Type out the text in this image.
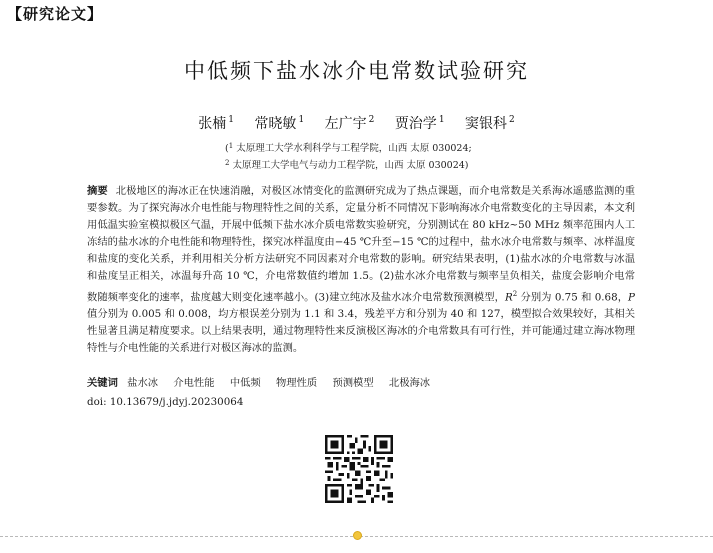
【研究论文】
中低频下盐水冰介电常数试验研究
张楠 $^1$ 常晓敏 $^1$ 左广宇 $^2$ 贾治学 $^1$ 窦银科 $^2$
($^1$ 太原理工大学水利科学与工程学院，山西 太原 030024;
$^2$ 太原理工大学电气与动力工程学院，山西 太原 030024)
摘要 北极地区的海冰正在快速消融，对极区冰情变化的监测研究成为了热点课题，而介电常数是关系海冰遥感监测的重要参数。为了探究海冰介电性能与物理特性之间的关系，定量分析不同情况下影响海冰介电常数变化的主导因素，本文利用低温实验室模拟极区气温，开展中低频下盐水冰介质电常数实验研究，分别测试在 80 kHz~50 MHz 频率范围内人工冻结的盐水冰的介电性能和物理特性，探究冰样温度由−45 ℃升至−15 ℃的过程中，盐水冰介电常数与频率、冰样温度和盐度的变化关系，并利用相关分析方法研究不同因素对介电常数的影响。研究结果表明，(1)盐水冰的介电常数与冰温和盐度呈正相关，冰温每升高 10 ℃，介电常数值约增加 1.5。(2)盐水冰介电常数与频率呈负相关，盐度会影响介电常数随频率变化的速率，盐度越大则变化速率越小。(3)建立纯冰及盐水冰介电常数预测模型，$R^2$ 分别为 0.75 和 0.68，P 值分别为 0.005 和 0.008，均方根误差分别为 1.1 和 3.4，残差平方和分别为 40 和 127，模型拟合效果较好，其相关性显著且满足精度要求。以上结果表明，通过物理特性来反演极区海冰的介电常数具有可行性，并可能通过建立海冰物理特性与介电性能的关系进行对极区海冰的监测。
关键词 盐水冰 介电性能 中低频 物理性质 预测模型 北极海冰
doi: 10.13679/j.jdyj.20230064
